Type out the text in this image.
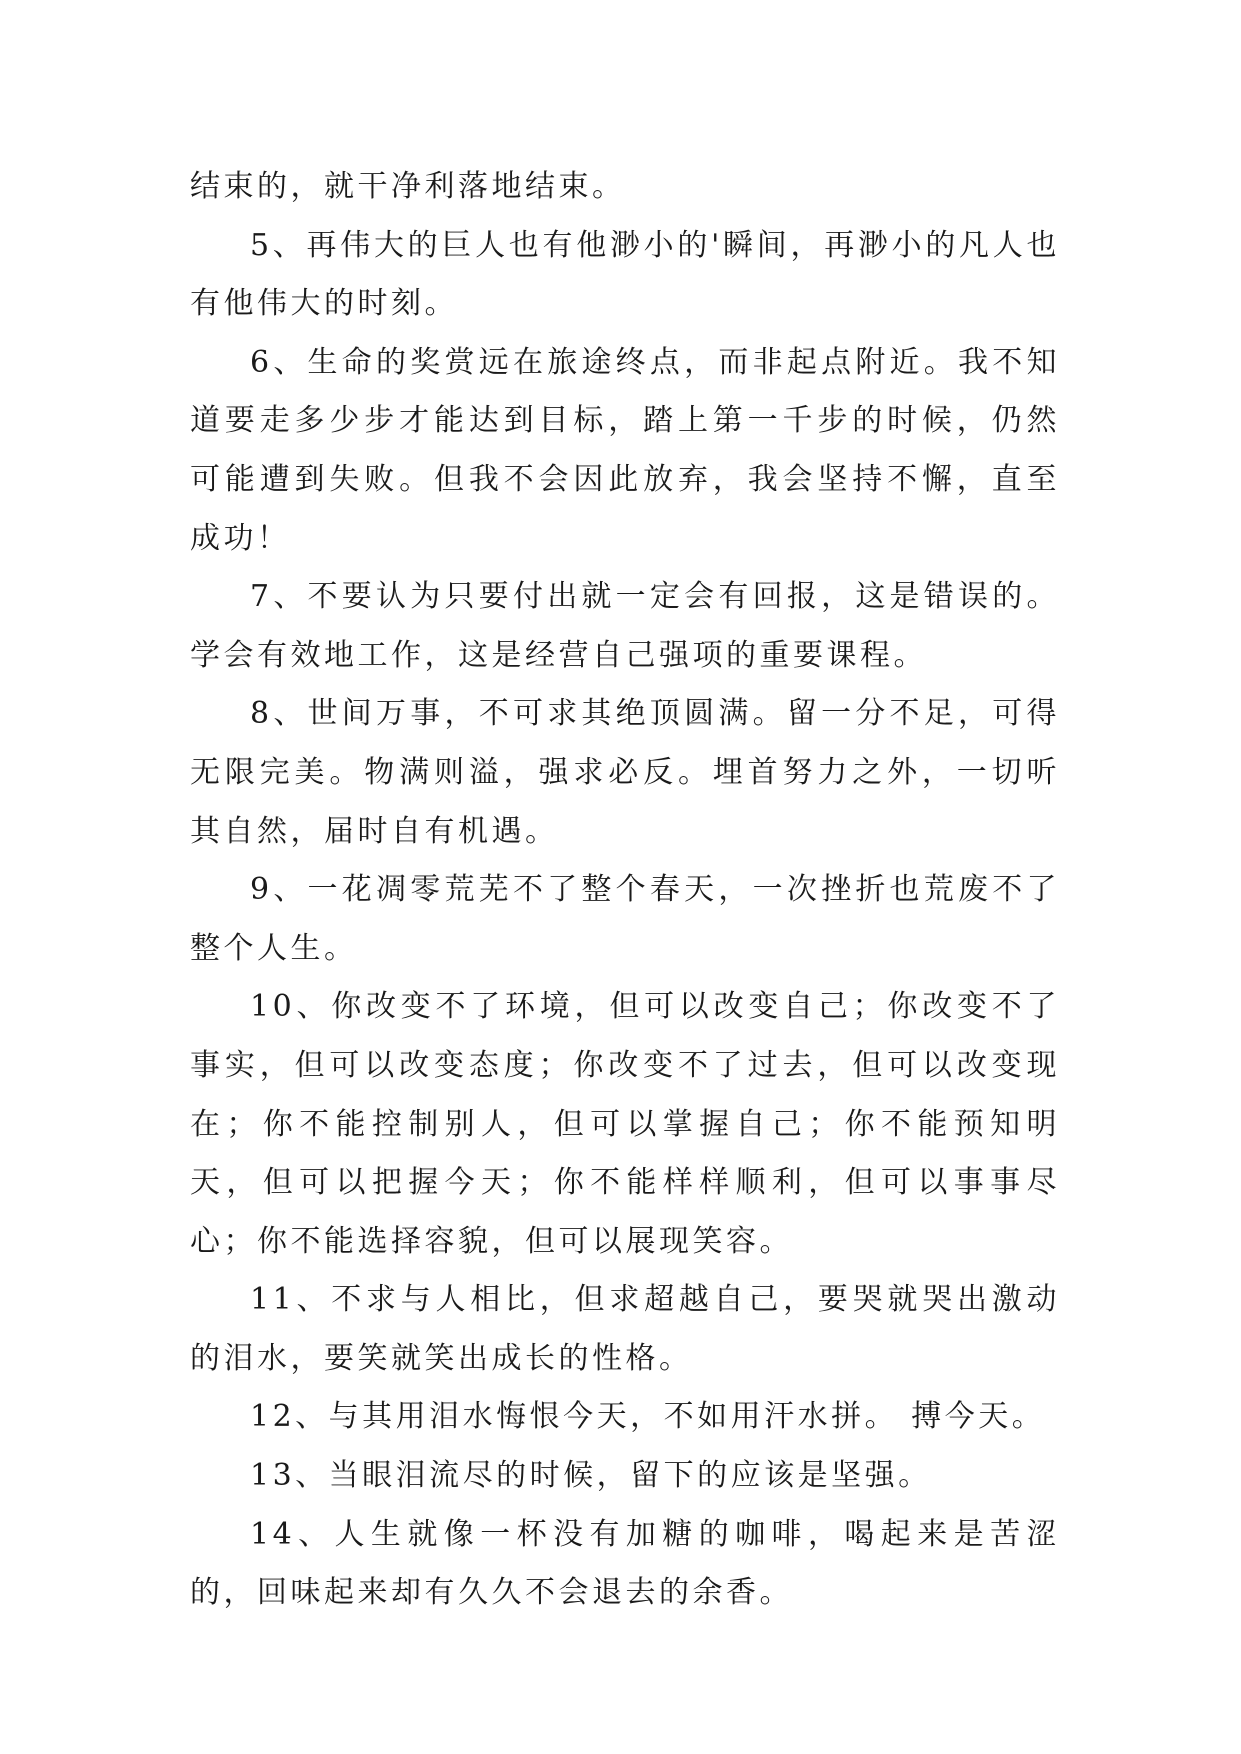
结束的，就干净利落地结束。

5、再伟大的巨人也有他渺小的'瞬间，再渺小的凡人也有他伟大的时刻。

6、生命的奖赏远在旅途终点，而非起点附近。我不知道要走多少步才能达到目标，踏上第一千步的时候，仍然可能遭到失败。但我不会因此放弃，我会坚持不懈，直至成功！

7、不要认为只要付出就一定会有回报，这是错误的。学会有效地工作，这是经营自己强项的重要课程。

8、世间万事，不可求其绝顶圆满。留一分不足，可得无限完美。物满则溢，强求必反。埋首努力之外，一切听其自然，届时自有机遇。

9、一花凋零荒芜不了整个春天，一次挫折也荒废不了整个人生。

10、你改变不了环境，但可以改变自己；你改变不了事实，但可以改变态度；你改变不了过去，但可以改变现在；你不能控制别人，但可以掌握自己；你不能预知明天，但可以把握今天；你不能样样顺利，但可以事事尽心；你不能选择容貌，但可以展现笑容。

11、不求与人相比，但求超越自己，要哭就哭出激动的泪水，要笑就笑出成长的性格。

12、与其用泪水悔恨今天，不如用汗水拼。 搏今天。

13、当眼泪流尽的时候，留下的应该是坚强。

14、人生就像一杯没有加糖的咖啡，喝起来是苦涩的，回味起来却有久久不会退去的余香。
